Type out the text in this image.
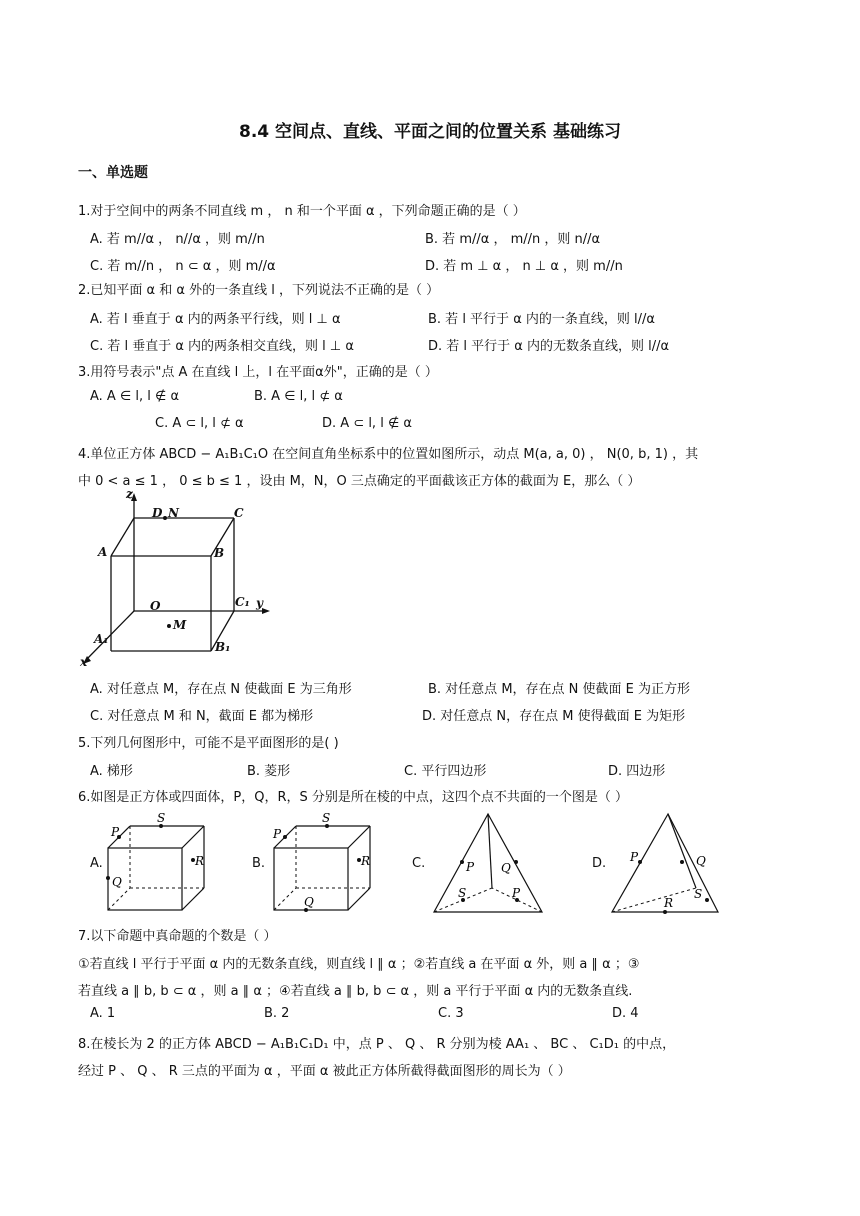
8.4 空间点、直线、平面之间的位置关系 基础练习
一、单选题
1.对于空间中的两条不同直线 m ， n 和一个平面 α ，下列命题正确的是（ ）
A. 若 m//α ， n//α ，则 m//n	B. 若 m//α ， m//n ，则 n//α
C. 若 m//n ， n ⊂ α ，则 m//α	D. 若 m ⊥ α ， n ⊥ α ，则 m//n
2.已知平面 α 和 α 外的一条直线 l ，下列说法不正确的是（ ）
A. 若 l 垂直于 α 内的两条平行线，则 l ⊥ α	B. 若 l 平行于 α 内的一条直线，则 l//α
C. 若 l 垂直于 α 内的两条相交直线，则 l ⊥ α	D. 若 l 平行于 α 内的无数条直线，则 l//α
3.用符号表示"点 A 在直线 l 上，l 在平面α外"，正确的是（ ）
A. A ∈ l, l ∉ α	B. A ∈ l, l ⊄ α
C. A ⊂ l, l ⊄ α	D. A ⊂ l, l ∉ α
4.单位正方体 ABCD − A₁B₁C₁O 在空间直角坐标系中的位置如图所示，动点 M(a, a, 0) ， N(0, b, 1) ，其
中 0 < a ≤ 1 ， 0 ≤ b ≤ 1 ，设由 M，N，O 三点确定的平面截该正方体的截面为 E，那么（ ）
z
y
x
D N	C
A	B
O	C₁
M
A₁
B₁
A. 对任意点 M，存在点 N 使截面 E 为三角形	B. 对任意点 M，存在点 N 使截面 E 为正方形
C. 对任意点 M 和 N，截面 E 都为梯形	D. 对任意点 N，存在点 M 使得截面 E 为矩形
5.下列几何图形中，可能不是平面图形的是( )
A. 梯形	B. 菱形	C. 平行四边形	D. 四边形
6.如图是正方体或四面体，P，Q，R，S 分别是所在棱的中点，这四个点不共面的一个图是（ ）
A.
P
S
R
Q
B.
P
S
R
Q
C.	P Q
S	P
D. P	Q
S
R
7.以下命题中真命题的个数是（ ）
①若直线 l 平行于平面 α 内的无数条直线，则直线 l ∥ α ；②若直线 a 在平面 α 外，则 a ∥ α ；③
若直线 a ∥ b, b ⊂ α ，则 a ∥ α ；④若直线 a ∥ b, b ⊂ α ，则 a 平行于平面 α 内的无数条直线.
A. 1	B. 2	C. 3	D. 4
8.在棱长为 2 的正方体 ABCD − A₁B₁C₁D₁ 中，点 P 、 Q 、 R 分别为棱 AA₁ 、 BC 、 C₁D₁ 的中点，
经过 P 、 Q 、 R 三点的平面为 α ，平面 α 被此正方体所截得截面图形的周长为（ ）
